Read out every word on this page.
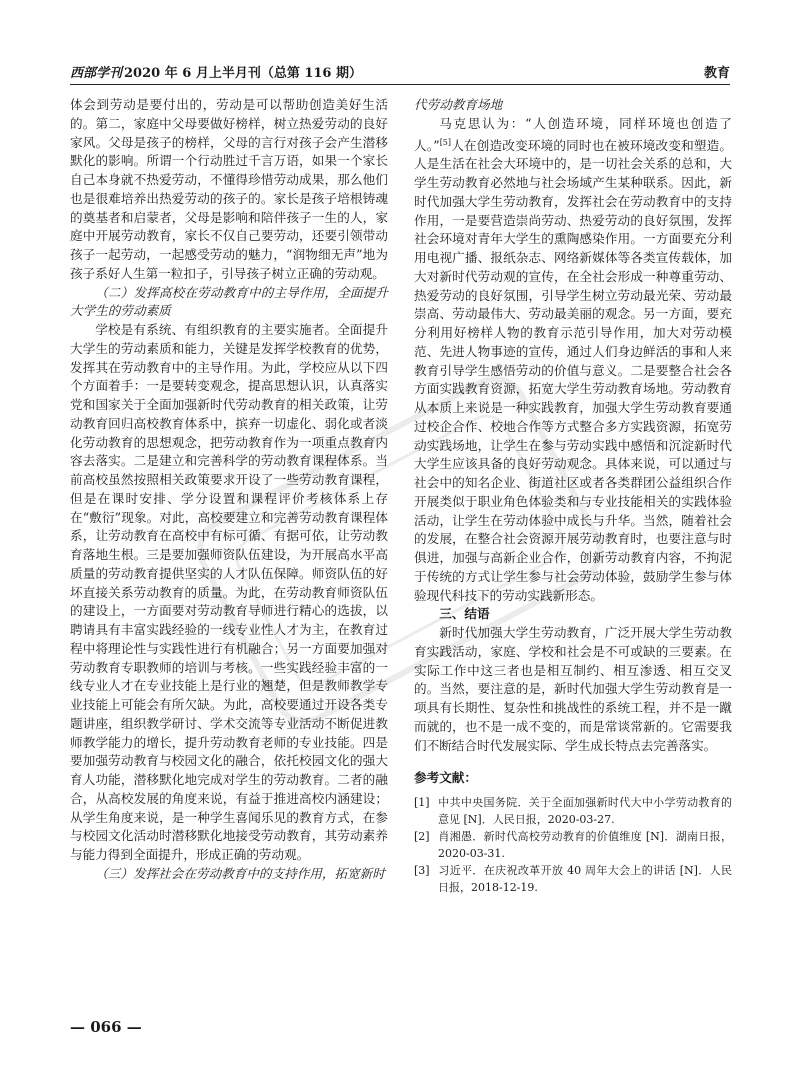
西部学刊 2020 年 6 月上半月刊（总第 116 期）	教育

体会到劳动是要付出的，劳动是可以帮助创造美好生活的。第二，家庭中父母要做好榜样，树立热爱劳动的良好家风。父母是孩子的榜样，父母的言行对孩子会产生潜移默化的影响。所谓一个行动胜过千言万语，如果一个家长自己本身就不热爱劳动，不懂得珍惜劳动成果，那么他们也是很难培养出热爱劳动的孩子的。家长是孩子培根铸魂的奠基者和启蒙者，父母是影响和陪伴孩子一生的人，家庭中开展劳动教育，家长不仅自己要劳动，还要引领带动孩子一起劳动，一起感受劳动的魅力，“润物细无声”地为孩子系好人生第一粒扣子，引导孩子树立正确的劳动观。

（二）发挥高校在劳动教育中的主导作用，全面提升大学生的劳动素质

学校是有系统、有组织教育的主要实施者。全面提升大学生的劳动素质和能力，关键是发挥学校教育的优势，发挥其在劳动教育中的主导作用。为此，学校应从以下四个方面着手：一是要转变观念，提高思想认识，认真落实党和国家关于全面加强新时代劳动教育的相关政策，让劳动教育回归高校教育体系中，摈弃一切虚化、弱化或者淡化劳动教育的思想观念，把劳动教育作为一项重点教育内容去落实。二是建立和完善科学的劳动教育课程体系。当前高校虽然按照相关政策要求开设了一些劳动教育课程，但是在课时安排、学分设置和课程评价考核体系上存在“敷衍”现象。对此，高校要建立和完善劳动教育课程体系，让劳动教育在高校中有标可循、有据可依，让劳动教育落地生根。三是要加强师资队伍建设，为开展高水平高质量的劳动教育提供坚实的人才队伍保障。师资队伍的好坏直接关系劳动教育的质量。为此，在劳动教育师资队伍的建设上，一方面要对劳动教育导师进行精心的选拔，以聘请具有丰富实践经验的一线专业性人才为主，在教育过程中将理论性与实践性进行有机融合；另一方面要加强对劳动教育专职教师的培训与考核。一些实践经验丰富的一线专业人才在专业技能上是行业的翘楚，但是教师教学专业技能上可能会有所欠缺。为此，高校要通过开设各类专题讲座，组织教学研讨、学术交流等专业活动不断促进教师教学能力的增长，提升劳动教育老师的专业技能。四是要加强劳动教育与校园文化的融合，依托校园文化的强大育人功能，潜移默化地完成对学生的劳动教育。二者的融合，从高校发展的角度来说，有益于推进高校内涵建设；从学生角度来说，是一种学生喜闻乐见的教育方式，在参与校园文化活动时潜移默化地接受劳动教育，其劳动素养与能力得到全面提升，形成正确的劳动观。

（三）发挥社会在劳动教育中的支持作用，拓宽新时

代劳动教育场地

马克思认为：“人创造环境，同样环境也创造了人。”[5]人在创造改变环境的同时也在被环境改变和塑造。人是生活在社会大环境中的，是一切社会关系的总和，大学生劳动教育必然地与社会场域产生某种联系。因此，新时代加强大学生劳动教育，发挥社会在劳动教育中的支持作用，一是要营造崇尚劳动、热爱劳动的良好氛围，发挥社会环境对青年大学生的熏陶感染作用。一方面要充分利用电视广播、报纸杂志、网络新媒体等各类宣传载体，加大对新时代劳动观的宣传，在全社会形成一种尊重劳动、热爱劳动的良好氛围，引导学生树立劳动最光荣、劳动最崇高、劳动最伟大、劳动最美丽的观念。另一方面，要充分利用好榜样人物的教育示范引导作用，加大对劳动模范、先进人物事迹的宣传，通过人们身边鲜活的事和人来教育引导学生感悟劳动的价值与意义。二是要整合社会各方面实践教育资源，拓宽大学生劳动教育场地。劳动教育从本质上来说是一种实践教育，加强大学生劳动教育要通过校企合作、校地合作等方式整合多方实践资源，拓宽劳动实践场地，让学生在参与劳动实践中感悟和沉淀新时代大学生应该具备的良好劳动观念。具体来说，可以通过与社会中的知名企业、街道社区或者各类群团公益组织合作开展类似于职业角色体验类和与专业技能相关的实践体验活动，让学生在劳动体验中成长与升华。当然，随着社会的发展，在整合社会资源开展劳动教育时，也要注意与时俱进，加强与高新企业合作，创新劳动教育内容，不拘泥于传统的方式让学生参与社会劳动体验，鼓励学生参与体验现代科技下的劳动实践新形态。

三、结语

新时代加强大学生劳动教育，广泛开展大学生劳动教育实践活动，家庭、学校和社会是不可或缺的三要素。在实际工作中这三者也是相互制约、相互渗透、相互交叉的。当然，要注意的是，新时代加强大学生劳动教育是一项具有长期性、复杂性和挑战性的系统工程，并不是一蹴而就的，也不是一成不变的，而是常谈常新的。它需要我们不断结合时代发展实际、学生成长特点去完善落实。

参考文献：

[1] 中共中央国务院．关于全面加强新时代大中小学劳动教育的意见 [N]．人民日报，2020-03-27.

[2] 肖湘愚．新时代高校劳动教育的价值维度 [N]．湖南日报，2020-03-31.

[3] 习近平．在庆祝改革开放 40 周年大会上的讲话 [N]．人民日报，2018-12-19.

— 066 —
